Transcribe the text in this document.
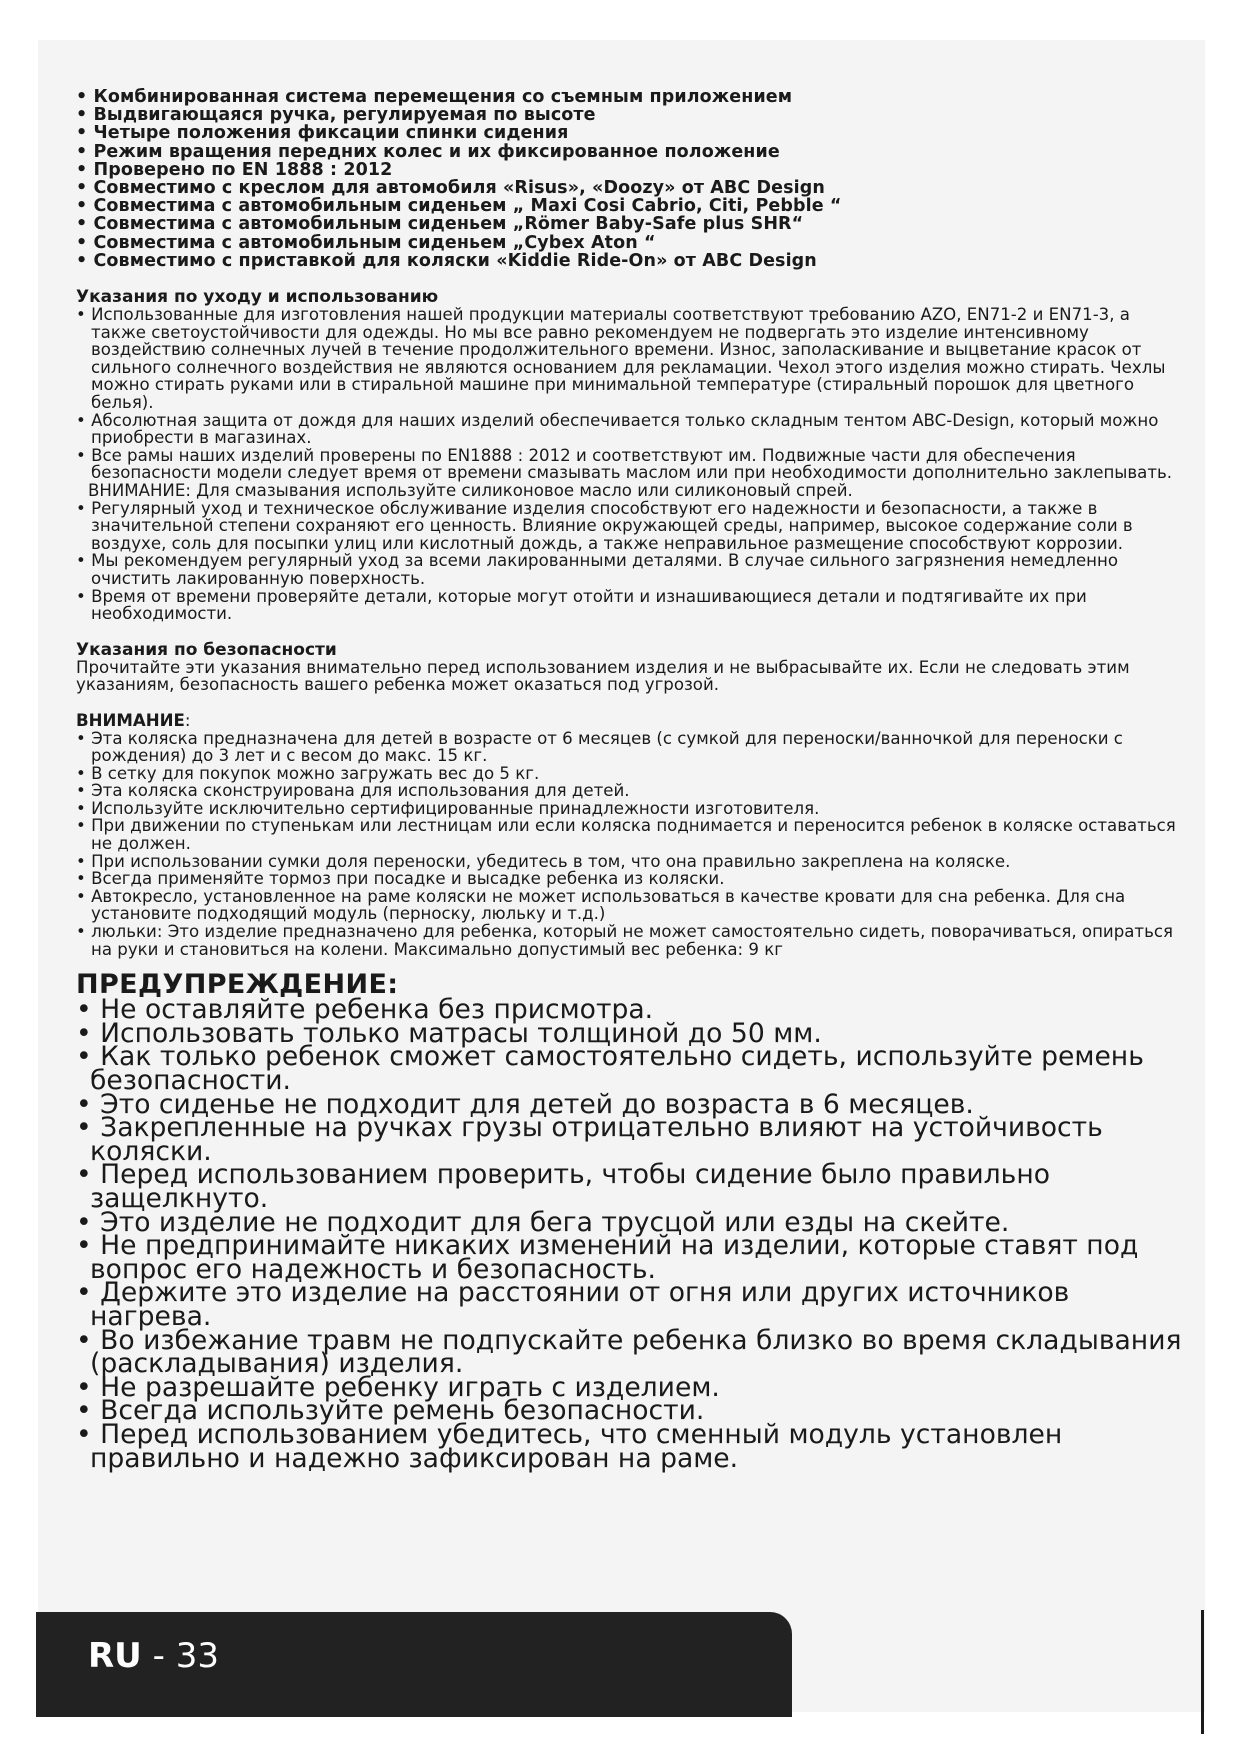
• Комбинированная система перемещения со съемным приложением
• Выдвигающаяся ручка, регулируемая по высоте
• Четыре положения фиксации спинки сидения
• Режим вращения передних колес и их фиксированное положение
• Проверено по EN 1888 : 2012
• Совместимо с креслом для автомобиля «Risus», «Doozy» от ABC Design
• Совместима с автомобильным сиденьем „ Maxi Cosi Cabrio, Citi, Pebble “
• Совместима с автомобильным сиденьем „Römer Baby-Safe plus SHR“
• Совместима с автомобильным сиденьем „Cybex Aton “
• Совместимо с приставкой для коляски «Kiddie Ride-On» от ABC Design
Указания по уходу и использованию
• Использованные для изготовления нашей продукции материалы соответствуют требованию AZO, EN71-2 и EN71-3, а также светоустойчивости для одежды. Но мы все равно рекомендуем не подвергать это изделие интенсивному воздействию солнечных лучей в течение продолжительного времени. Износ, заполаскивание и выцветание красок от сильного солнечного воздействия не являются основанием для рекламации. Чехол этого изделия можно стирать. Чехлы можно стирать руками или в стиральной машине при минимальной температуре (стиральный порошок для цветного белья).
• Абсолютная защита от дождя для наших изделий обеспечивается только складным тентом ABC-Design, который можно приобрести в магазинах.
• Все рамы наших изделий проверены по EN1888 : 2012 и соответствуют им. Подвижные части для обеспечения безопасности модели следует время от времени смазывать маслом или при необходимости дополнительно заклепывать.

ВНИМАНИЕ: Для смазывания используйте силиконовое масло или силиконовый спрей.

• Регулярный уход и техническое обслуживание изделия способствуют его надежности и безопасности, а также в значительной степени сохраняют его ценность. Влияние окружающей среды, например, высокое содержание соли в воздухе, соль для посыпки улиц или кислотный дождь, а также неправильное размещение способствуют коррозии.
• Мы рекомендуем регулярный уход за всеми лакированными деталями. В случае сильного загрязнения немедленно очистить лакированную поверхность.
• Время от времени проверяйте детали, которые могут отойти и изнашивающиеся детали и подтягивайте их при необходимости.
Указания по безопасности

Прочитайте эти указания внимательно перед использованием изделия и не выбрасывайте их. Если не следовать этим указаниям, безопасность вашего ребенка может оказаться под угрозой.

ВНИМАНИЕ:

• Эта коляска предназначена для детей в возрасте от 6 месяцев (с сумкой для переноски/ванночкой для переноски с рождения) до 3 лет и с весом до макс. 15 кг.
• В сетку для покупок можно загружать вес до 5 кг.
• Эта коляска сконструирована для использования для детей.
• Используйте исключительно сертифицированные принадлежности изготовителя.
• При движении по ступенькам или лестницам или если коляска поднимается и переносится ребенок в коляске оставаться не должен.
• При использовании сумки доля переноски, убедитесь в том, что она правильно закреплена на коляске.
• Всегда применяйте тормоз при посадке и высадке ребенка из коляски.
• Автокресло, установленное на раме коляски не может использоваться в качестве кровати для сна ребенка. Для сна установите подходящий модуль (перноску, люльку и т.д.)
• люльки: Это изделие предназначено для ребенка, который не может самостоятельно сидеть, поворачиваться, опираться на руки и становиться на колени. Максимально допустимый вес ребенка: 9 кг
ПРЕДУПРЕЖДЕНИЕ:
• Не оставляйте ребенка без присмотра.
• Использовать только матрасы толщиной до 50 мм.
• Как только ребенок сможет самостоятельно сидеть, используйте ремень безопасности.
• Это сиденье не подходит для детей до возраста в 6 месяцев.
• Закрепленные на ручках грузы отрицательно влияют на устойчивость коляски.
• Перед использованием проверить, чтобы сидение было правильно защелкнуто.
• Это изделие не подходит для бега трусцой или езды на скейте.
• Не предпринимайте никаких изменений на изделии, которые ставят под вопрос его надежность и безопасность.
• Держите это изделие на расстоянии от огня или других источников нагрева.
• Во избежание травм не подпускайте ребенка близко во время складывания (раскладывания) изделия.
• Не разрешайте ребенку играть с изделием.
• Всегда используйте ремень безопасности.
• Перед использованием убедитесь, что сменный модуль установлен правильно и надежно зафиксирован на раме.
RU - 33
